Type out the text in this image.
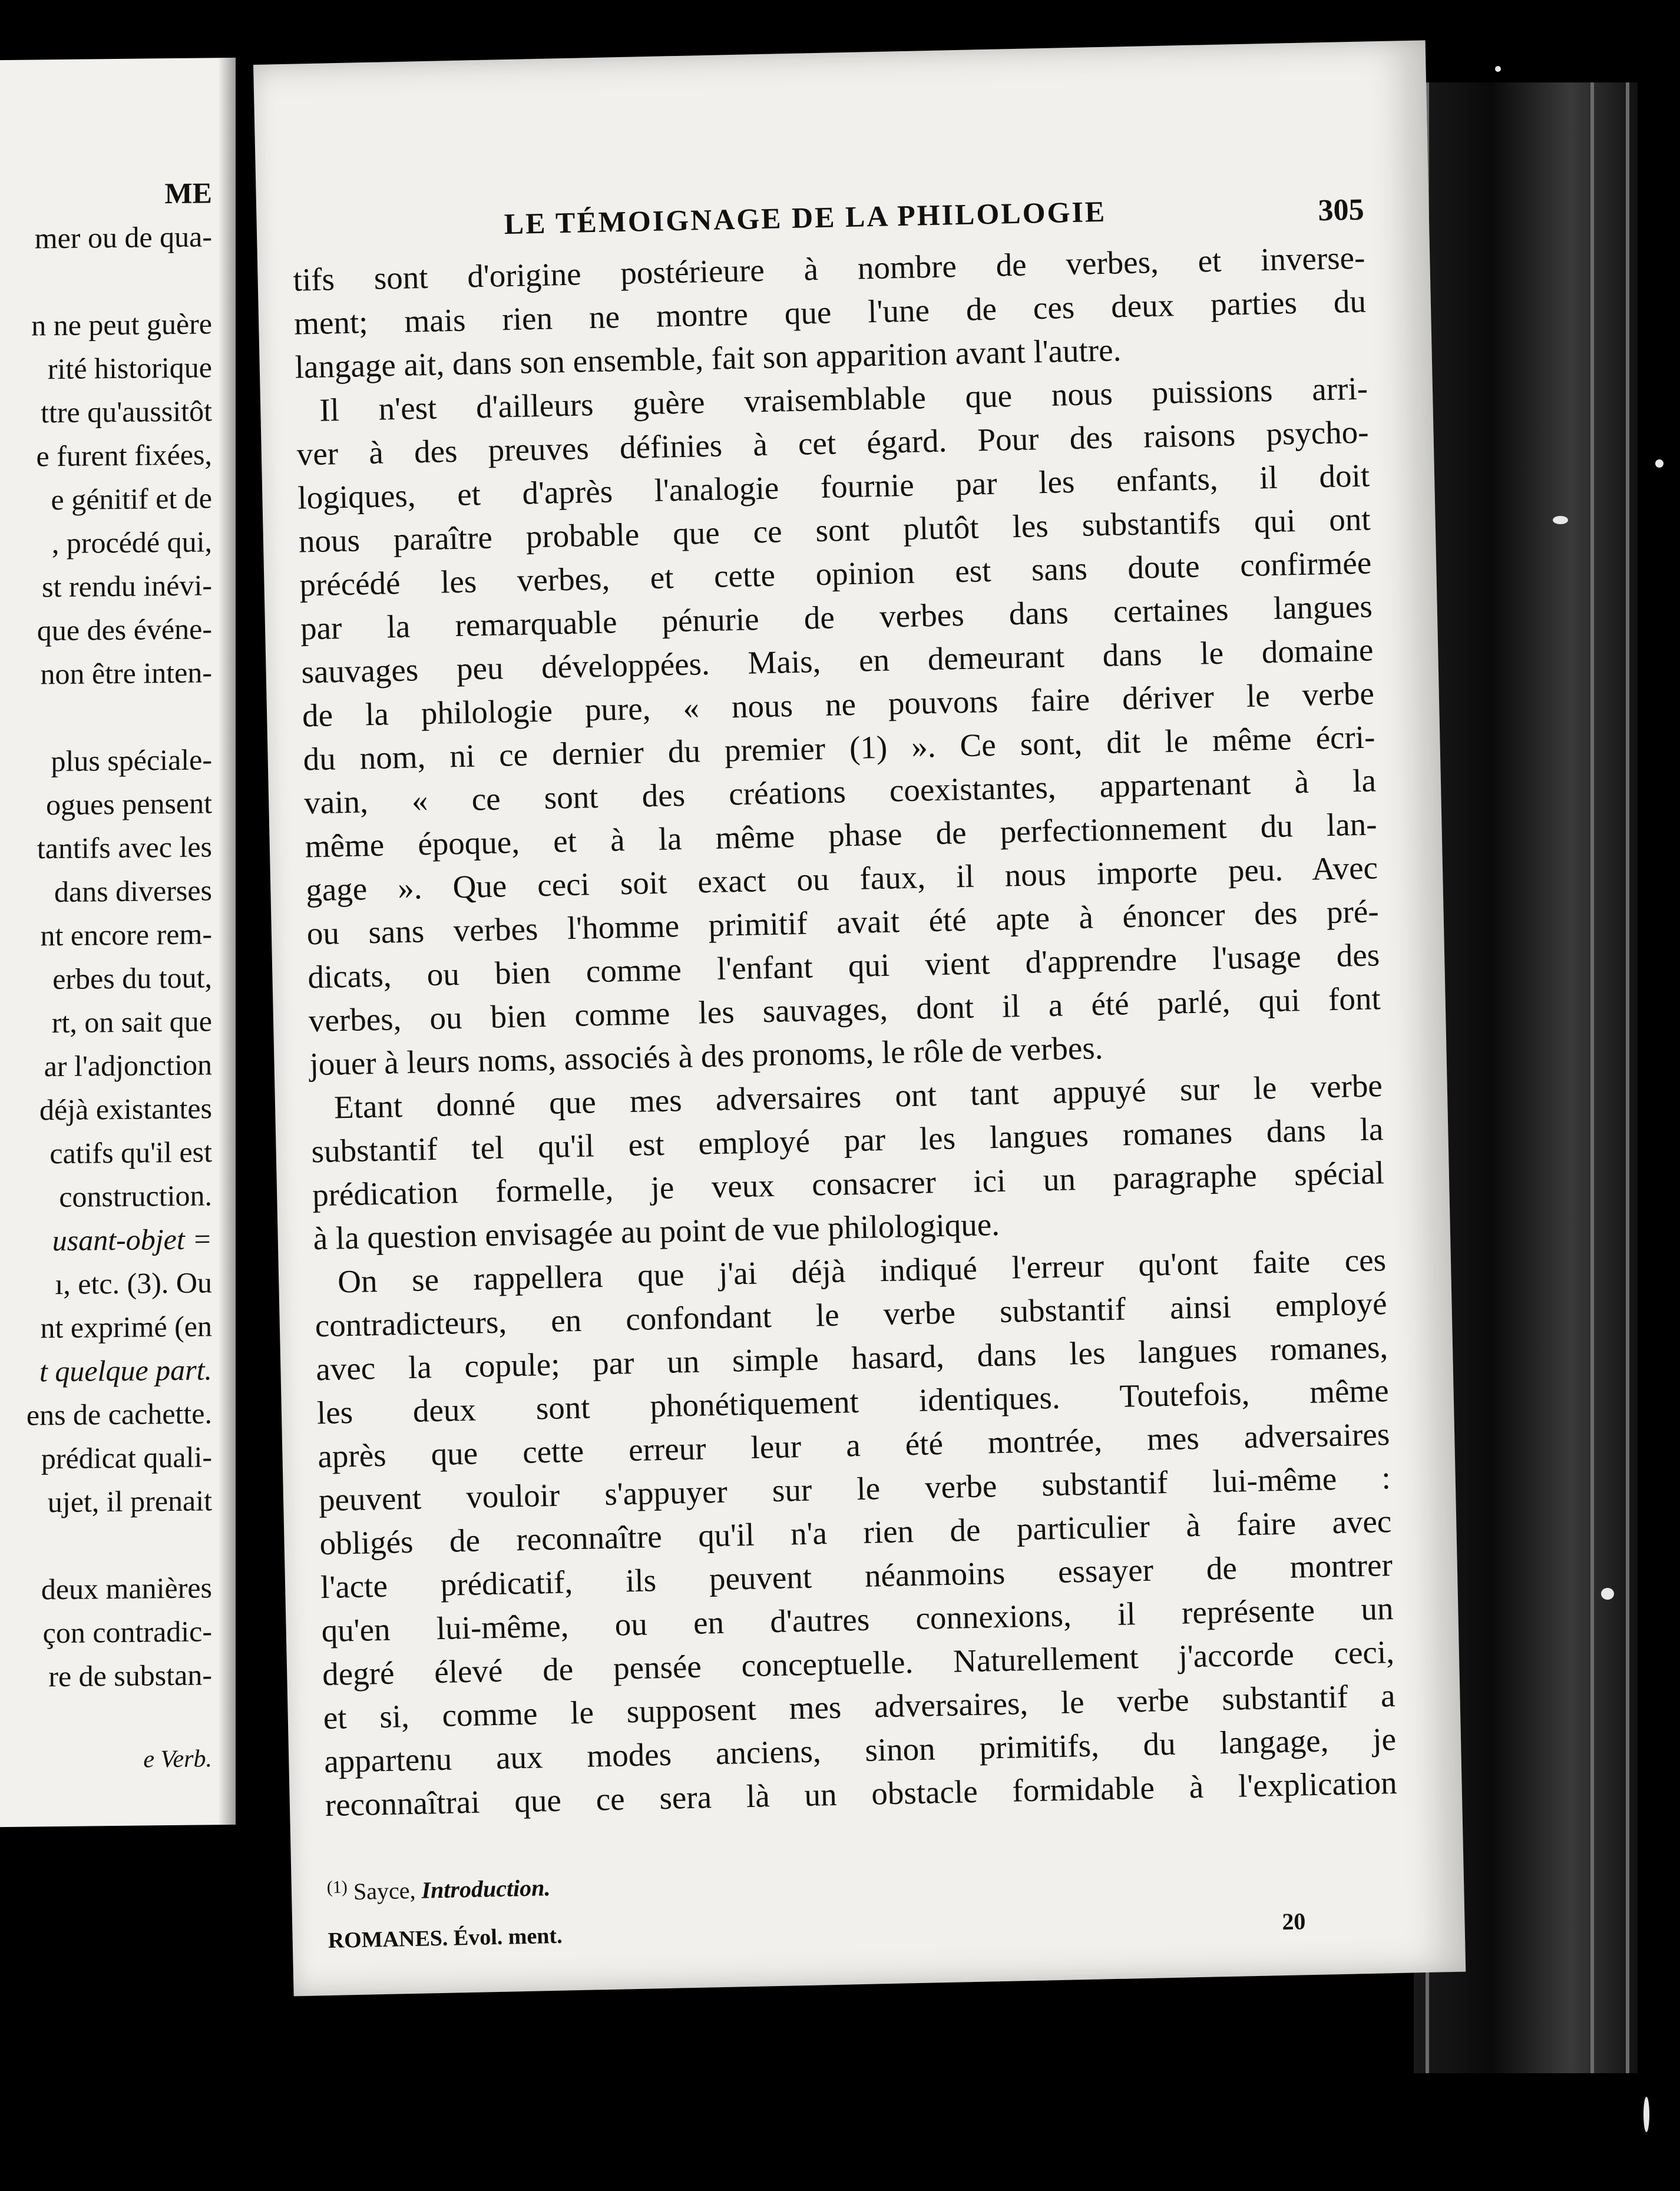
ME
mer ou de qua-
n ne peut guère
rité historique
ttre qu'aussitôt
e furent fixées,
e génitif et de
, procédé qui,
st rendu inévi-
que des événe-
non être inten-
plus spéciale-
ogues pensent
tantifs avec les
dans diverses
nt encore rem-
erbes du tout,
rt, on sait que
ar l'adjonction
déjà existantes
catifs qu'il est
construction.
usant-objet =
ı, etc. (3). Ou
nt exprimé (en
t quelque part.
ens de cachette.
prédicat quali-
ujet, il prenait
deux manières
çon contradic-
re de substan-
e Verb.
LE TÉMOIGNAGE DE LA PHILOLOGIE	305
tifs sont d'origine postérieure à nombre de verbes, et inverse-
ment; mais rien ne montre que l'une de ces deux parties du
langage ait, dans son ensemble, fait son apparition avant l'autre.
Il n'est d'ailleurs guère vraisemblable que nous puissions arri-
ver à des preuves définies à cet égard. Pour des raisons psycho-
logiques, et d'après l'analogie fournie par les enfants, il doit
nous paraître probable que ce sont plutôt les substantifs qui ont
précédé les verbes, et cette opinion est sans doute confirmée
par la remarquable pénurie de verbes dans certaines langues
sauvages peu développées. Mais, en demeurant dans le domaine
de la philologie pure, « nous ne pouvons faire dériver le verbe
du nom, ni ce dernier du premier (1) ». Ce sont, dit le même écri-
vain, « ce sont des créations coexistantes, appartenant à la
même époque, et à la même phase de perfectionnement du lan-
gage ». Que ceci soit exact ou faux, il nous importe peu. Avec
ou sans verbes l'homme primitif avait été apte à énoncer des pré-
dicats, ou bien comme l'enfant qui vient d'apprendre l'usage des
verbes, ou bien comme les sauvages, dont il a été parlé, qui font
jouer à leurs noms, associés à des pronoms, le rôle de verbes.
Etant donné que mes adversaires ont tant appuyé sur le verbe
substantif tel qu'il est employé par les langues romanes dans la
prédication formelle, je veux consacrer ici un paragraphe spécial
à la question envisagée au point de vue philologique.
On se rappellera que j'ai déjà indiqué l'erreur qu'ont faite ces
contradicteurs, en confondant le verbe substantif ainsi employé
avec la copule; par un simple hasard, dans les langues romanes,
les deux sont phonétiquement identiques. Toutefois, même
après que cette erreur leur a été montrée, mes adversaires
peuvent vouloir s'appuyer sur le verbe substantif lui-même :
obligés de reconnaître qu'il n'a rien de particulier à faire avec
l'acte prédicatif, ils peuvent néanmoins essayer de montrer
qu'en lui-même, ou en d'autres connexions, il représente un
degré élevé de pensée conceptuelle. Naturellement j'accorde ceci,
et si, comme le supposent mes adversaires, le verbe substantif a
appartenu aux modes anciens, sinon primitifs, du langage, je
reconnaîtrai que ce sera là un obstacle formidable à l'explication
$^{(1)}$ Sayce, Introduction.
ROMANES. Évol. ment.
20
